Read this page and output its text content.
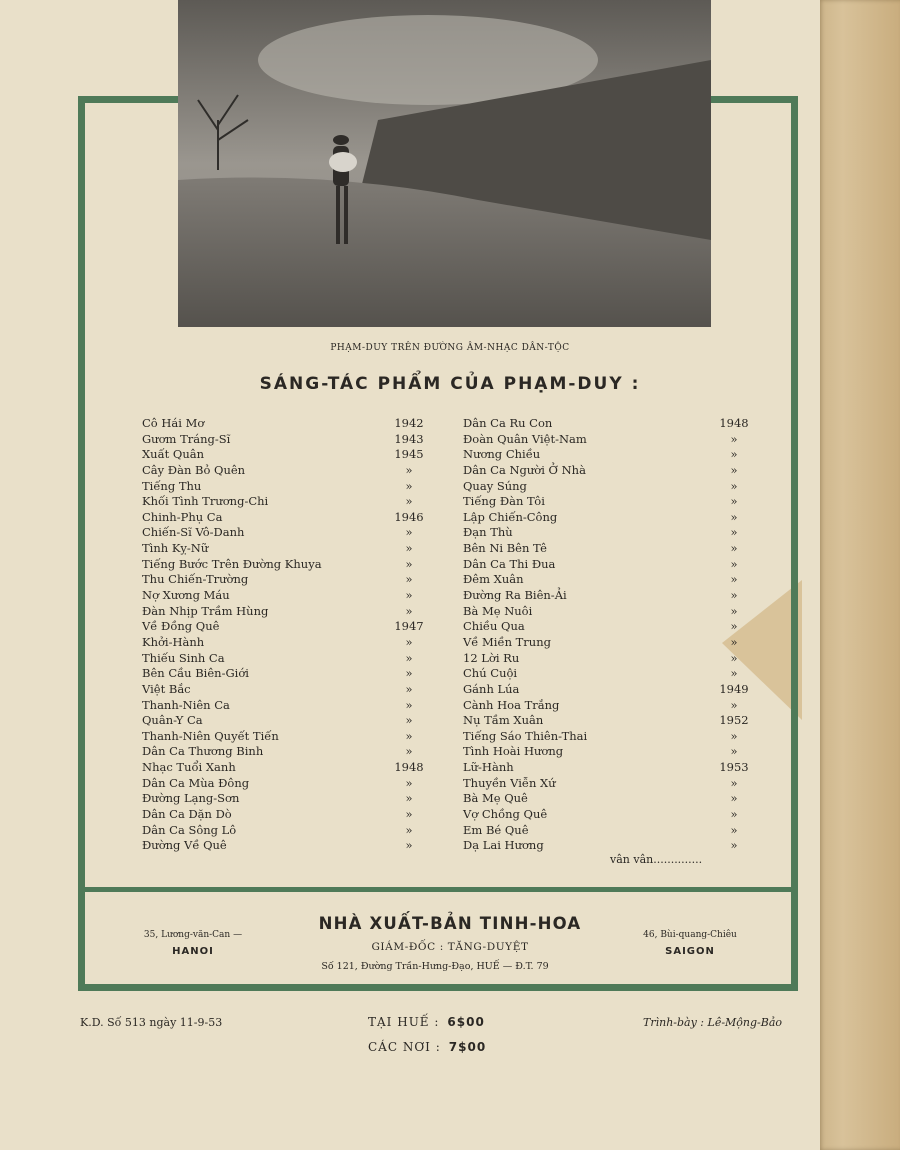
PHẠM-DUY TRÊN ĐƯỜNG ÂM-NHẠC DÂN-TỘC
SÁNG-TÁC PHẨM CỦA PHẠM-DUY :
Cô Hái Mơ	1942
Gươm Tráng-Sĩ	1943
Xuất Quân	1945
Cây Đàn Bỏ Quên	»
Tiếng Thu	»
Khối Tình Trương-Chi	»
Chinh-Phụ Ca	1946
Chiến-Sĩ Vô-Danh	»
Tình Kỵ-Nữ	»
Tiếng Bước Trên Đường Khuya	»
Thu Chiến-Trường	»
Nợ Xương Máu	»
Đàn Nhịp Trầm Hùng	»
Về Đồng Quê	1947
Khởi-Hành	»
Thiếu Sinh Ca	»
Bên Cầu Biên-Giới	»
Việt Bắc	»
Thanh-Niên Ca	»
Quân-Y Ca	»
Thanh-Niên Quyết Tiến	»
Dân Ca Thương Binh	»
Nhạc Tuổi Xanh	1948
Dân Ca Mùa Đông	»
Đường Lạng-Sơn	»
Dân Ca Dặn Dò	»
Dân Ca Sông Lô	»
Đường Về Quê	»
Dân Ca Ru Con	1948
Đoàn Quân Việt-Nam	»
Nương Chiều	»
Dân Ca Người Ở Nhà	»
Quay Súng	»
Tiếng Đàn Tôi	»
Lập Chiến-Công	»
Đạn Thù	»
Bên Ni Bên Tê	»
Dân Ca Thi Đua	»
Đêm Xuân	»
Đường Ra Biên-Ải	»
Bà Mẹ Nuôi	»
Chiều Qua	»
Về Miền Trung	»
12 Lời Ru	»
Chú Cuội	»
Gánh Lúa	1949
Cành Hoa Trắng	»
Nụ Tầm Xuân	1952
Tiếng Sáo Thiên-Thai	»
Tình Hoài Hương	»
Lữ-Hành	1953
Thuyền Viễn Xứ	»
Bà Mẹ Quê	»
Vợ Chồng Quê	»
Em Bé Quê	»
Dạ Lai Hương	»
vân vân..............
35, Lương-văn-Can —
HANOI
NHÀ XUẤT-BẢN TINH-HOA
GIÁM-ĐỐC : TĂNG-DUYỆT
Số 121, Đường Trần-Hưng-Đạo, HUẾ — Đ.T. 79
46, Bùi-quang-Chiêu
SAIGON
K.D. Số 513 ngày 11-9-53	TẠI HUẾ : 6$00
CÁC NƠI : 7$00
Trình-bày : Lê-Mộng-Bảo
